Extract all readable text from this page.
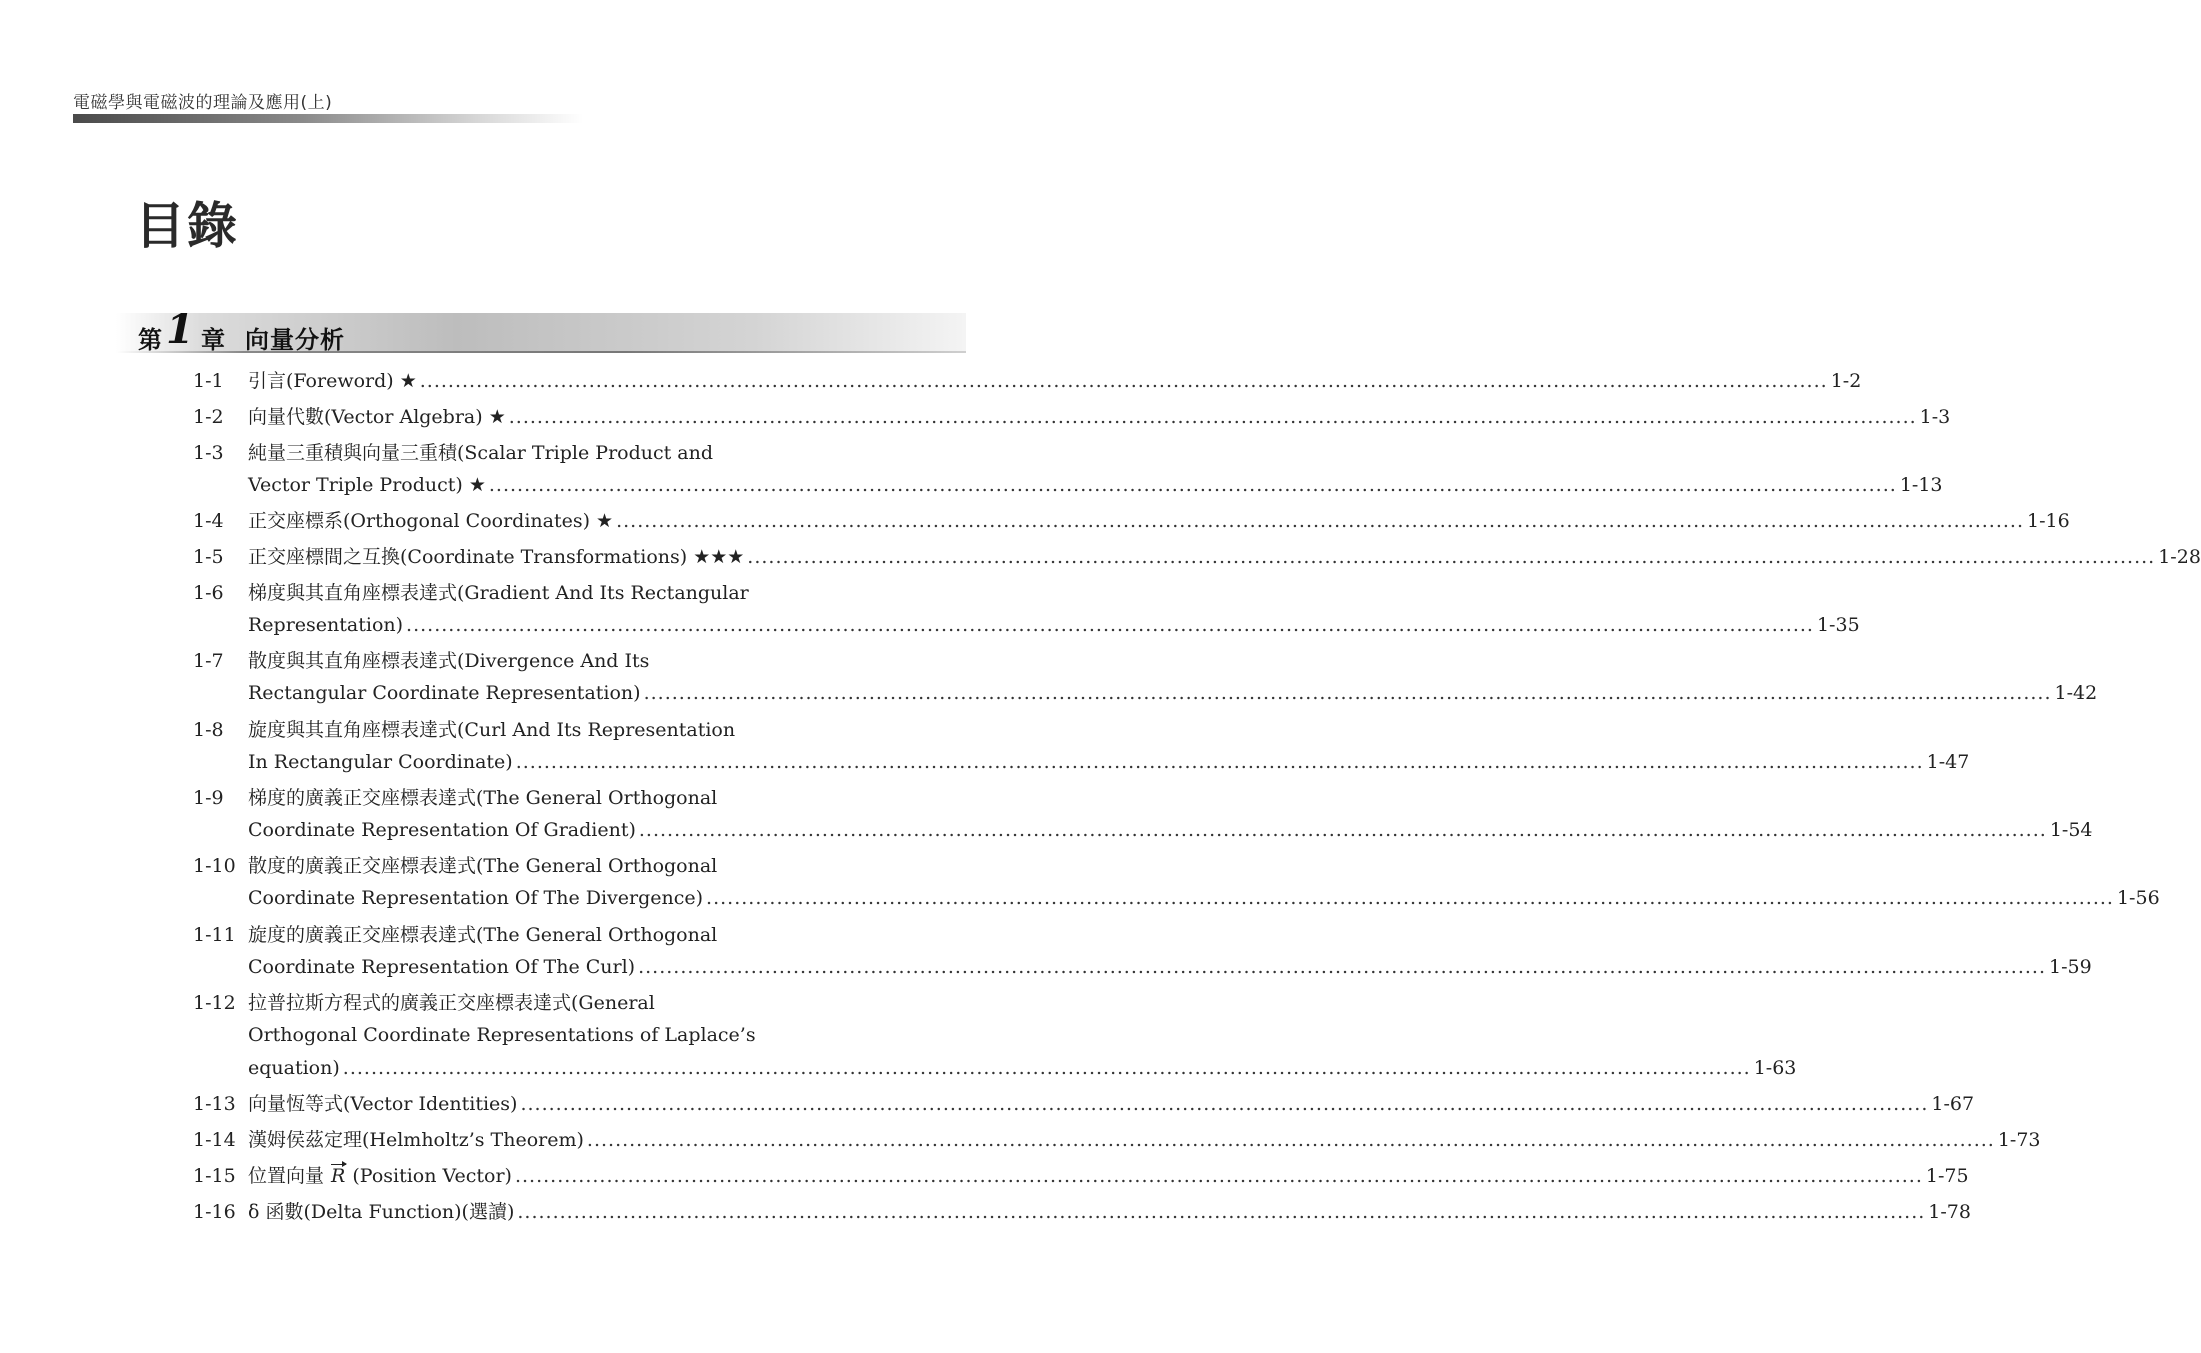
電磁學與電磁波的理論及應用(上)
目錄
第 1 章 向量分析
1-1	引言(Foreword) ★ ........................................................................................................................................................................................................ 1-2
1-2	向量代數(Vector Algebra) ★ ........................................................................................................................................................................................................ 1-3
1-3	純量三重積與向量三重積(Scalar Triple Product and
Vector Triple Product) ★ ........................................................................................................................................................................................................ 1-13
1-4	正交座標系(Orthogonal Coordinates) ★ ........................................................................................................................................................................................................ 1-16
1-5	正交座標間之互換(Coordinate Transformations) ★★★ ........................................................................................................................................................................................................ 1-28
1-6	梯度與其直角座標表達式(Gradient And Its Rectangular
Representation) ........................................................................................................................................................................................................ 1-35
1-7	散度與其直角座標表達式(Divergence And Its
Rectangular Coordinate Representation) ........................................................................................................................................................................................................ 1-42
1-8	旋度與其直角座標表達式(Curl And Its Representation
In Rectangular Coordinate) ........................................................................................................................................................................................................ 1-47
1-9	梯度的廣義正交座標表達式(The General Orthogonal
Coordinate Representation Of Gradient) ........................................................................................................................................................................................................ 1-54
1-10 散度的廣義正交座標表達式(The General Orthogonal
Coordinate Representation Of The Divergence) ........................................................................................................................................................................................................ 1-56
1-11 旋度的廣義正交座標表達式(The General Orthogonal
Coordinate Representation Of The Curl) ........................................................................................................................................................................................................ 1-59
1-12 拉普拉斯方程式的廣義正交座標表達式(General
Orthogonal Coordinate Representations of Laplace’s
equation) ........................................................................................................................................................................................................ 1-63
1-13 向量恆等式(Vector Identities) ........................................................................................................................................................................................................ 1-67
1-14 漢姆侯茲定理(Helmholtz’s Theorem) ........................................................................................................................................................................................................ 1-73
1-15 位置向量 R (Position Vector) ........................................................................................................................................................................................................ 1-75
1-16 δ 函數(Delta Function)(選讀) ........................................................................................................................................................................................................ 1-78
